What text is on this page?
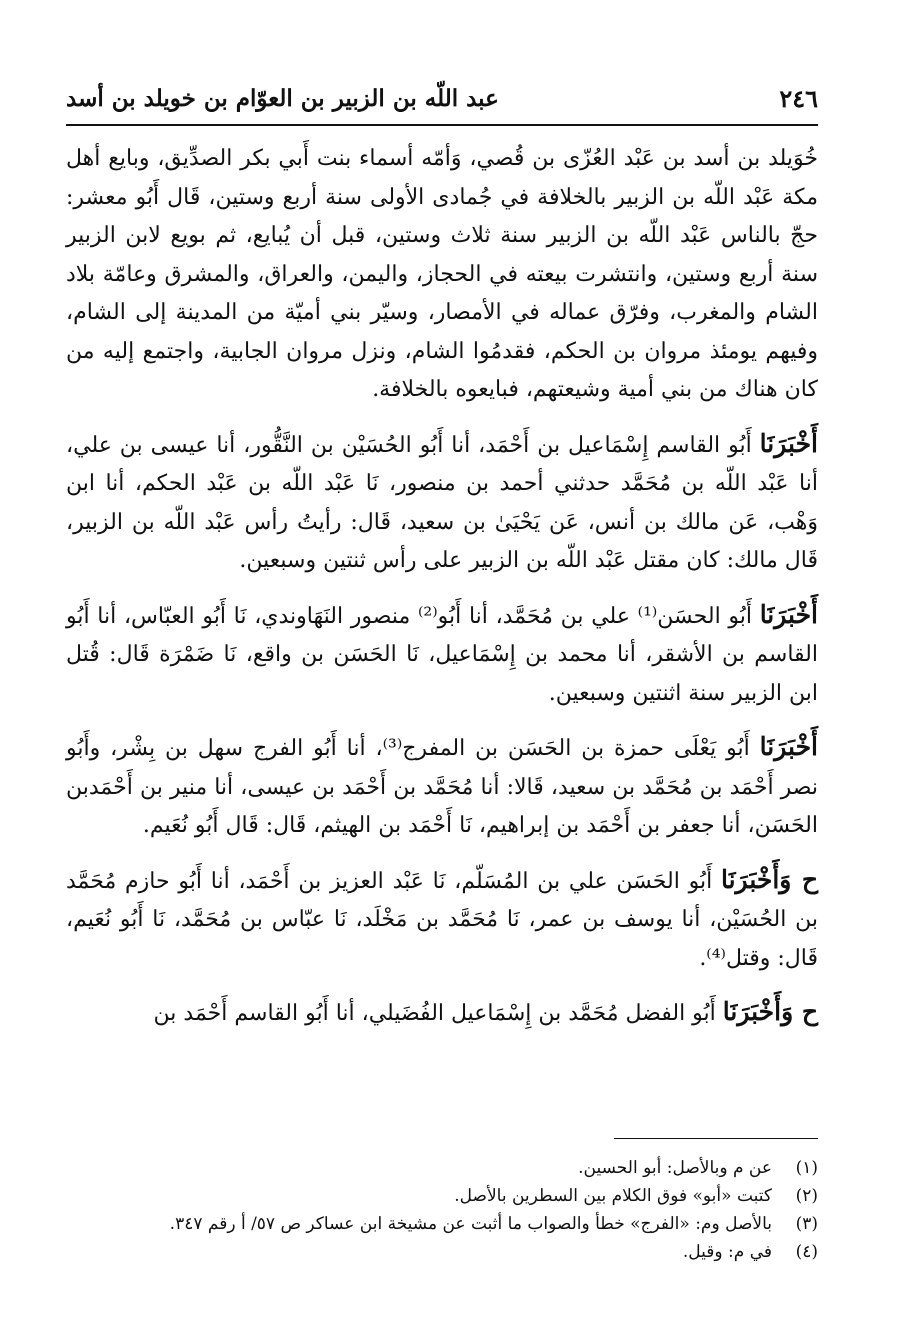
٢٤٦
عبد اللّه بن الزبير بن العوّام بن خويلد بن أسد

خُوَيلد بن أسد بن عَبْد العُزّى بن قُصي، وَأمّه أسماء بنت أَبي بكر الصدِّيق، وبايع أهل مكة عَبْد اللّه بن الزبير بالخلافة في جُمادى الأولى سنة أربع وستين، قَال أَبُو معشر: حجّ بالناس عَبْد اللّه بن الزبير سنة ثلاث وستين، قبل أن يُبايع، ثم بويع لابن الزبير سنة أربع وستين، وانتشرت بيعته في الحجاز، واليمن، والعراق، والمشرق وعامّة بلاد الشام والمغرب، وفرّق عماله في الأمصار، وسيّر بني أميّة من المدينة إلى الشام، وفيهم يومئذ مروان بن الحكم، فقدمُوا الشام، ونزل مروان الجابية، واجتمع إليه من كان هناك من بني أمية وشيعتهم، فبايعوه بالخلافة.

أَخْبَرَنَا أَبُو القاسم إِسْمَاعيل بن أَحْمَد، أنا أَبُو الحُسَيْن بن النَّقُّور، أنا عيسى بن علي، أنا عَبْد اللّه بن مُحَمَّد حدثني أحمد بن منصور، نَا عَبْد اللّه بن عَبْد الحكم، أنا ابن وَهْب، عَن مالك بن أنس، عَن يَحْيَىٰ بن سعيد، قَال: رأيتُ رأس عَبْد اللّه بن الزبير، قَال مالك: كان مقتل عَبْد اللّه بن الزبير على رأس ثنتين وسبعين.

أَخْبَرَنَا أَبُو الحسَن⁽¹⁾ علي بن مُحَمَّد، أنا أَبُو⁽²⁾ منصور النَهَاوندي، نَا أَبُو العبّاس، أنا أَبُو القاسم بن الأشقر، أنا محمد بن إِسْمَاعيل، نَا الحَسَن بن واقع، نَا ضَمْرَة قَال: قُتل ابن الزبير سنة اثنتين وسبعين.

أَخْبَرَنَا أَبُو يَعْلَى حمزة بن الحَسَن بن المفرج⁽³⁾، أنا أَبُو الفرج سهل بن بِشْر، وأَبُو نصر أَحْمَد بن مُحَمَّد بن سعيد، قَالا: أنا مُحَمَّد بن أَحْمَد بن عيسى، أنا منير بن أَحْمَدبن الحَسَن، أنا جعفر بن أَحْمَد بن إبراهيم، نَا أَحْمَد بن الهيثم، قَال: قَال أَبُو نُعَيم.

ح وَأَخْبَرَنَا أَبُو الحَسَن علي بن المُسَلّم، نَا عَبْد العزيز بن أَحْمَد، أنا أَبُو حازم مُحَمَّد بن الحُسَيْن، أنا يوسف بن عمر، نَا مُحَمَّد بن مَخْلَد، نَا عبّاس بن مُحَمَّد، نَا أَبُو نُعَيم، قَال: وقتل⁽⁴⁾.

ح وَأَخْبَرَنَا أَبُو الفضل مُحَمَّد بن إِسْمَاعيل الفُضَيلي، أنا أَبُو القاسم أَحْمَد بن

(١)
عن م وبالأصل: أبو الحسين.
(٢)
كتبت «أبو» فوق الكلام بين السطرين بالأصل.
(٣)
بالأصل وم: «الفرج» خطأ والصواب ما أثبت عن مشيخة ابن عساكر ص ٥٧/ أ رقم ٣٤٧.
(٤)
في م: وقيل.
